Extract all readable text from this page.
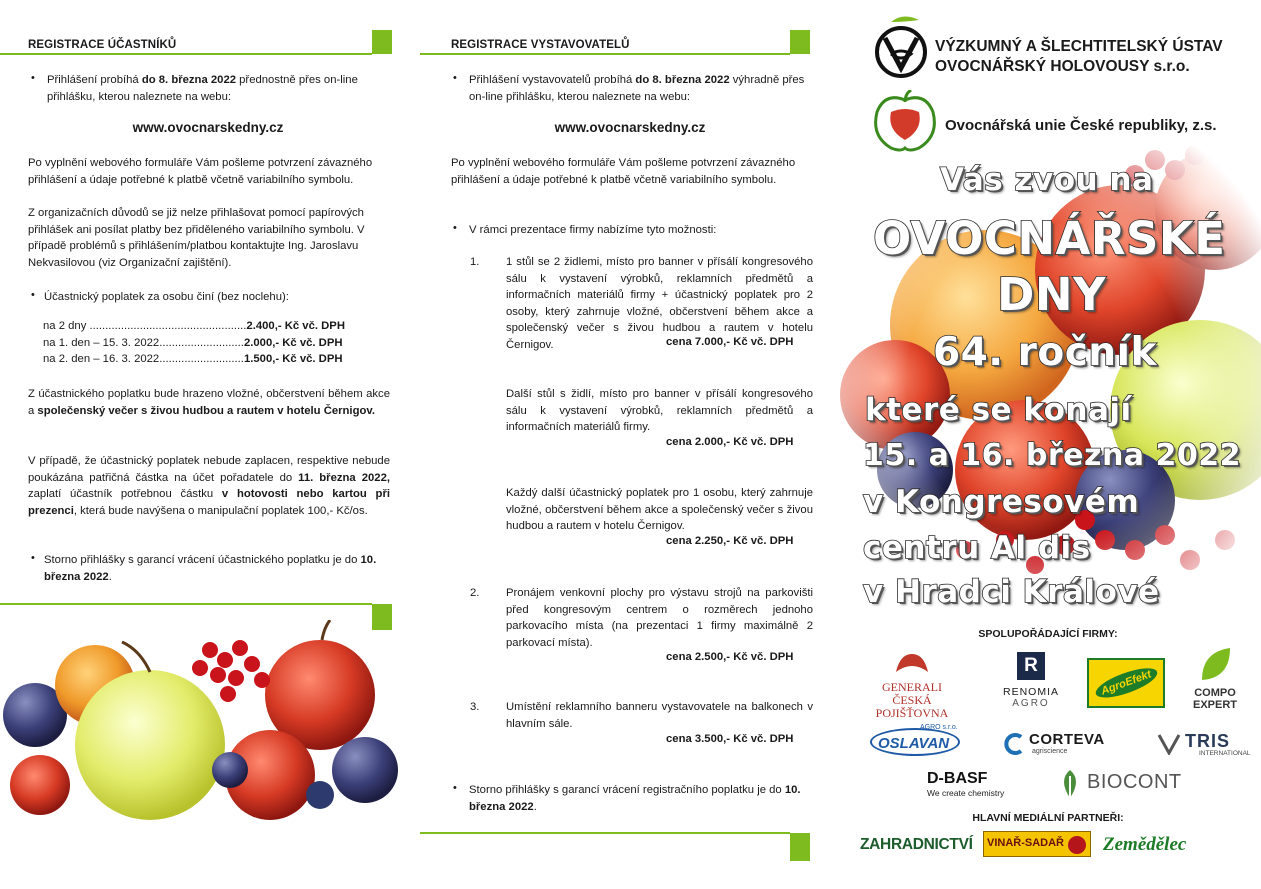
REGISTRACE ÚČASTNÍKŮ
• Přihlášení probíhá do 8. března 2022 přednostně přes on-line přihlášku, kterou naleznete na webu:
www.ovocnarskedny.cz
Po vyplnění webového formuláře Vám pošleme potvrzení závazného přihlášení a údaje potřebné k platbě včetně variabilního symbolu.
Z organizačních důvodů se již nelze přihlašovat pomocí papírových přihlášek ani posílat platby bez přiděleného variabilního symbolu. V případě problémů s přihlášením/platbou kontaktujte Ing. Jaroslavu Nekvasilovou (viz Organizační zajištění).
• Účastnický poplatek za osobu činí (bez noclehu):
na 2 dny ..................................................2.400,- Kč vč. DPH
na 1. den – 15. 3. 2022...........................2.000,- Kč vč. DPH
na 2. den – 16. 3. 2022...........................1.500,- Kč vč. DPH
Z účastnického poplatku bude hrazeno vložné, občerstvení během akce a společenský večer s živou hudbou a rautem v hotelu Černigov.
V případě, že účastnický poplatek nebude zaplacen, respektive nebude poukázána patřičná částka na účet pořadatele do 11. března 2022, zaplatí účastník potřebnou částku v hotovosti nebo kartou při prezenci, která bude navýšena o manipulační poplatek 100,- Kč/os.
• Storno přihlášky s garancí vrácení účastnického poplatku je do 10. března 2022.
REGISTRACE VYSTAVOVATELŮ
• Přihlášení vystavovatelů probíhá do 8. března 2022 výhradně přes on-line přihlášku, kterou naleznete na webu:
www.ovocnarskedny.cz
Po vyplnění webového formuláře Vám pošleme potvrzení závazného přihlášení a údaje potřebné k platbě včetně variabilního symbolu.
• V rámci prezentace firmy nabízíme tyto možnosti:
1. 1 stůl se 2 židlemi, místo pro banner v přísálí kongresového sálu k vystavení výrobků, reklamních předmětů a informačních materiálů firmy + účastnický poplatek pro 2 osoby, který zahrnuje vložné, občerstvení během akce a společenský večer s živou hudbou a rautem v hotelu Černigov.	cena 7.000,- Kč vč. DPH
Další stůl s židlí, místo pro banner v přísálí kongresového sálu k vystavení výrobků, reklamních předmětů a informačních materiálů firmy.
cena 2.000,- Kč vč. DPH
Každý další účastnický poplatek pro 1 osobu, který zahrnuje vložné, občerstvení během akce a společenský večer s živou hudbou a rautem v hotelu Černigov.
cena 2.250,- Kč vč. DPH
2. Pronájem venkovní plochy pro výstavu strojů na parkovišti před kongresovým centrem o rozměrech jednoho parkovacího místa (na prezentaci 1 firmy maximálně 2 parkovací místa).
cena 2.500,- Kč vč. DPH
3. Umístění reklamního banneru vystavovatele na balkonech v hlavním sále.
cena 3.500,- Kč vč. DPH
• Storno přihlášky s garancí vrácení registračního poplatku je do 10. března 2022.
VÝZKUMNÝ A ŠLECHTITELSKÝ ÚSTAV
OVOCNÁŘSKÝ HOLOVOUSY s.r.o.
Ovocnářská unie České republiky, z.s.
Vás zvou na
OVOCNÁŘSKÉ
DNY
64. ročník
které se konají
15. a 16. března 2022
v Kongresovém
centru Al dis
v Hradci Králové
SPOLUPOŘÁDAJÍCÍ FIRMY:
GENERALI
ČESKÁ POJIŠŤOVNA
R
RENOMIA
AGRO
AgroEfekt	COMPO
EXPERT
AGRO s.r.o.
OSLAVAN	CORTEVA
agriscience
TRIS
INTERNATIONAL
D-BASF
We create chemistry	BIOCONT
HLAVNÍ MEDIÁLNÍ PARTNEŘI:
ZAHRADNICTVÍ VINAŘ-SADAŘ Zemědělec
